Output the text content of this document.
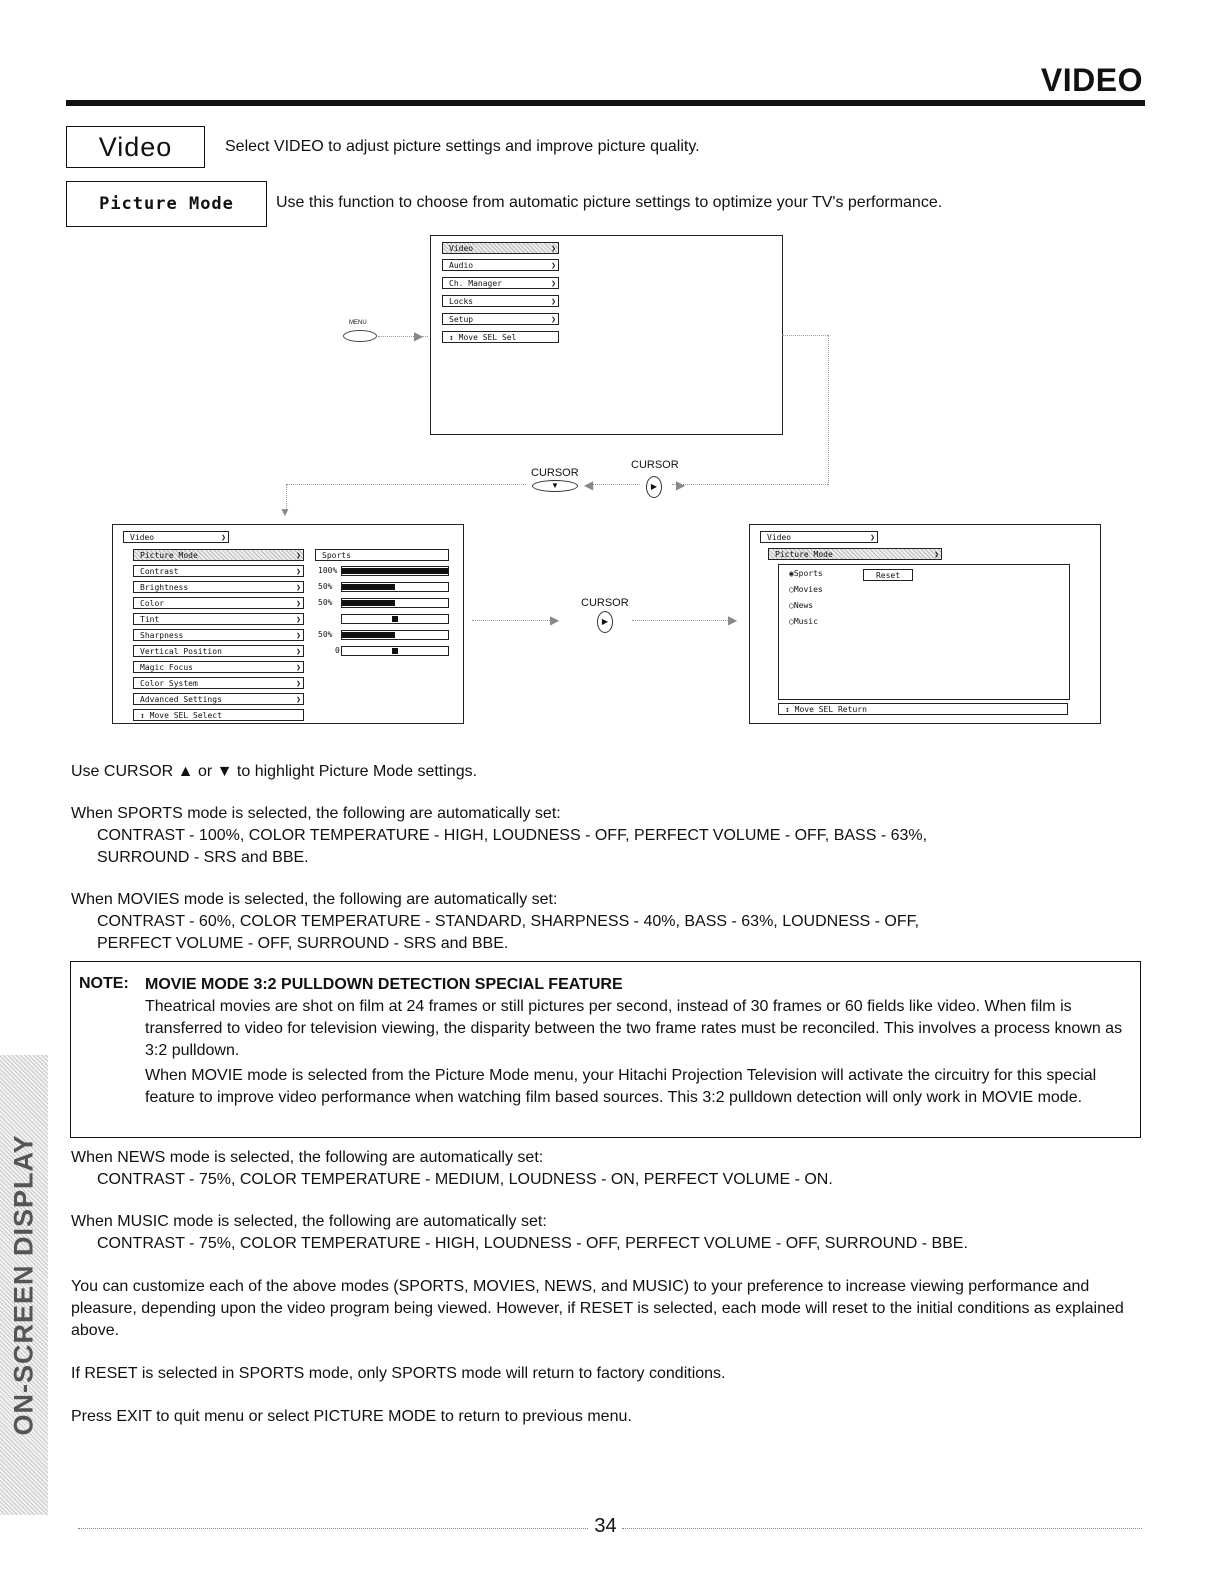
VIDEO
Video	Select VIDEO to adjust picture settings and improve picture quality.
Picture Mode	Use this function to choose from automatic picture settings to optimize your TV's performance.
Video	❯
Audio	❯
Ch. Manager	❯
Locks	❯
Setup	❯
↕ Move SEL Sel
MENU
▶
▼
CURSOR
▼	◀
CURSOR
▶	▶
Video	❯
Picture Mode	❯
Contrast	❯
Brightness	❯
Color	❯
Tint	❯
Sharpness	❯
Vertical Position	❯
Magic Focus	❯
Color System	❯
Advanced Settings	❯
↕ Move SEL Select
Sports
100%
50%
50%
50%
0
CURSOR
▶	▶	▶
Video	❯
Picture Mode	❯
◉Sports
○Movies
○News
○Music
Reset
↕ Move SEL Return
Use CURSOR ▲ or ▼ to highlight Picture Mode settings.
When SPORTS mode is selected, the following are automatically set:
CONTRAST - 100%, COLOR TEMPERATURE - HIGH, LOUDNESS - OFF, PERFECT VOLUME - OFF, BASS - 63%,
SURROUND - SRS and BBE.
When MOVIES mode is selected, the following are automatically set:
CONTRAST - 60%, COLOR TEMPERATURE - STANDARD, SHARPNESS - 40%, BASS - 63%, LOUDNESS - OFF,
PERFECT VOLUME - OFF, SURROUND - SRS and BBE.
NOTE: MOVIE MODE 3:2 PULLDOWN DETECTION SPECIAL FEATURE
Theatrical movies are shot on film at 24 frames or still pictures per second, instead of 30 frames or 60 fields like video. When film is transferred to video for television viewing, the disparity between the two frame rates must be reconciled. This involves a process known as 3:2 pulldown.
When MOVIE mode is selected from the Picture Mode menu, your Hitachi Projection Television will activate the circuitry for this special feature to improve video performance when watching film based sources. This 3:2 pulldown detection will only work in MOVIE mode.
When NEWS mode is selected, the following are automatically set:
CONTRAST - 75%, COLOR TEMPERATURE - MEDIUM, LOUDNESS - ON, PERFECT VOLUME - ON.
When MUSIC mode is selected, the following are automatically set:
CONTRAST - 75%, COLOR TEMPERATURE - HIGH, LOUDNESS - OFF, PERFECT VOLUME - OFF, SURROUND - BBE.
You can customize each of the above modes (SPORTS, MOVIES, NEWS, and MUSIC) to your preference to increase viewing performance and pleasure, depending upon the video program being viewed. However, if RESET is selected, each mode will reset to the initial conditions as explained above.
If RESET is selected in SPORTS mode, only SPORTS mode will return to factory conditions.
Press EXIT to quit menu or select PICTURE MODE to return to previous menu.
ON-SCREEN DISPLAY
34
